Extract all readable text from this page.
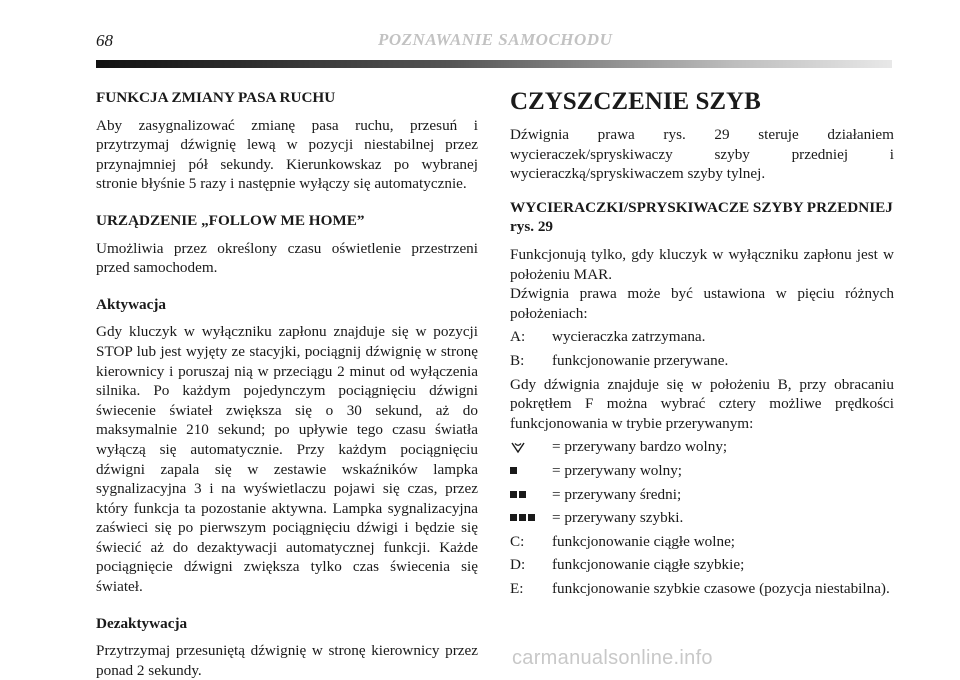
68	POZNAWANIE SAMOCHODU
FUNKCJA ZMIANY PASA RUCHU

Aby zasygnalizować zmianę pasa ruchu, przesuń i przytrzymaj dźwignię lewą w pozycji niestabilnej przez przynajmniej pół sekundy. Kierunkowskaz po wybranej stronie błyśnie 5 razy i następnie wyłączy się automatycznie.

URZĄDZENIE „FOLLOW ME HOME”

Umożliwia przez określony czasu oświetlenie przestrzeni przed samochodem.

Aktywacja

Gdy kluczyk w wyłączniku zapłonu znajduje się w pozycji STOP lub jest wyjęty ze stacyjki, pociągnij dźwignię w stronę kierownicy i poruszaj nią w przeciągu 2 minut od wyłączenia silnika. Po każdym pojedynczym pociągnięciu dźwigni świecenie świateł zwiększa się o 30 sekund, aż do maksymalnie 210 sekund; po upływie tego czasu światła wyłączą się automatycznie. Przy każdym pociągnięciu dźwigni zapala się w zestawie wskaźników lampka sygnalizacyjna 3 i na wyświetlaczu pojawi się czas, przez który funkcja ta pozostanie aktywna. Lampka sygnalizacyjna zaświeci się po pierwszym pociągnięciu dźwigi i będzie się świecić aż do dezaktywacji automatycznej funkcji. Każde pociągnięcie dźwigni zwiększa tylko czas świecenia się świateł.

Dezaktywacja

Przytrzymaj przesuniętą dźwignię w stronę kierownicy przez ponad 2 sekundy.

CZYSZCZENIE SZYB

Dźwignia prawa rys. 29 steruje działaniem wycieraczek/spryskiwaczy szyby przedniej i wycieraczką/spryskiwaczem szyby tylnej.

WYCIERACZKI/SPRYSKIWACZE SZYBY PRZEDNIEJ rys. 29

Funkcjonują tylko, gdy kluczyk w wyłączniku zapłonu jest w położeniu MAR.

Dźwignia prawa może być ustawiona w pięciu różnych położeniach:

A:	wycieraczka zatrzymana.
B:	funkcjonowanie przerywane.

Gdy dźwignia znajduje się w położeniu B, przy obracaniu pokrętłem F można wybrać cztery możliwe prędkości funkcjonowania w trybie przerywanym:

= przerywany bardzo wolny;
= przerywany wolny;
= przerywany średni;
= przerywany szybki.
C:	funkcjonowanie ciągłe wolne;
D:	funkcjonowanie ciągłe szybkie;
E:	funkcjonowanie szybkie czasowe (pozycja niestabilna).
carmanualsonline.info
